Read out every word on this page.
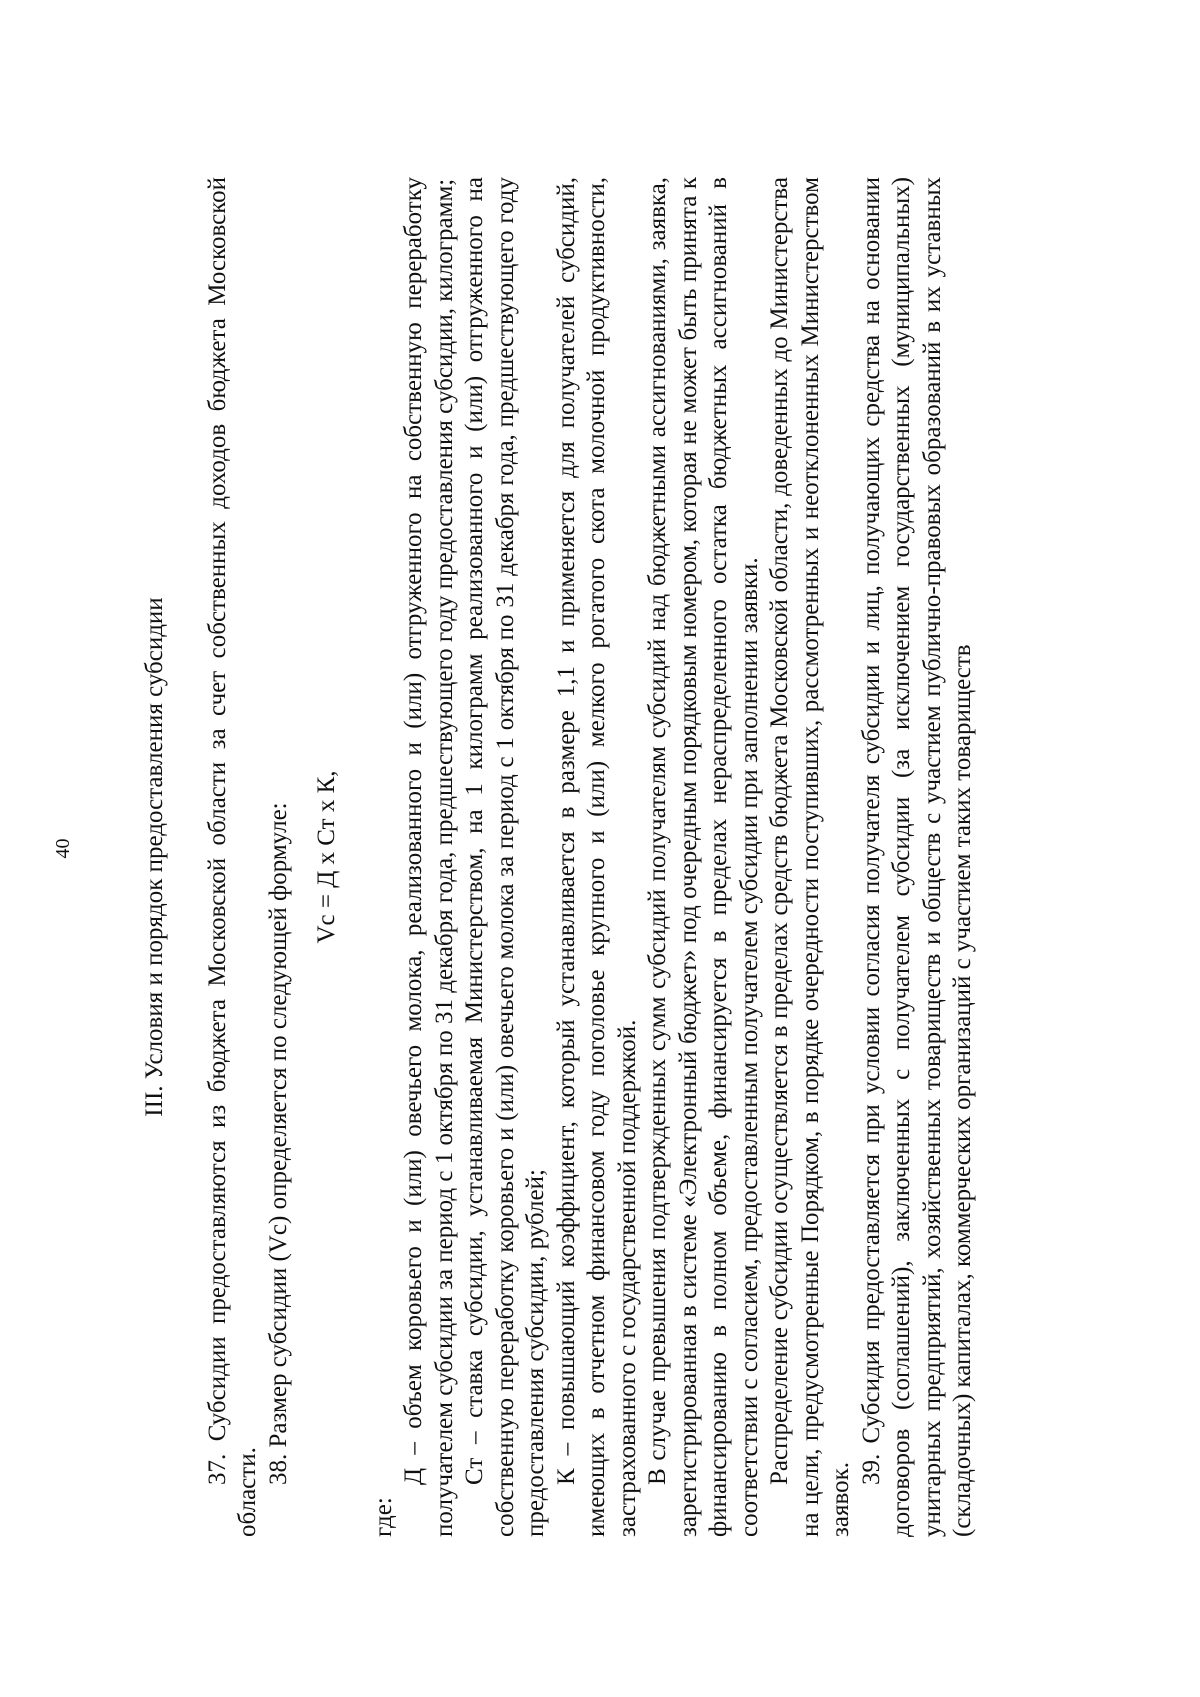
40	III. Условия и порядок предоставления субсидии 37. Субсидии предоставляются из бюджета Московской области за счет собственных доходов бюджета Московской области.

38. Размер субсидии (Vс) определяется по следующей формуле: Vс = Д х Ст х К,

где:

Д – объем коровьего и (или) овечьего молока, реализованного и (или) отгруженного на собственную переработку получателем субсидии за период с 1 октября по 31 декабря года, предшествующего году предоставления субсидии, килограмм; Ст – ставка субсидии, устанавливаемая Министерством, на 1 килограмм реализованного и (или) отгруженного на собственную переработку коровьего и (или) овечьего молока за период с 1 октября по 31 декабря года, предшествующего году предоставления субсидии, рублей; К – повышающий коэффициент, который устанавливается в размере 1,1 и применяется для получателей субсидий, имеющих в отчетном финансовом году поголовье крупного и (или) мелкого рогатого скота молочной продуктивности, застрахованного с государственной поддержкой. В случае превышения подтвержденных сумм субсидий получателям субсидий над бюджетными ассигнованиями, заявка, зарегистрированная в системе «Электронный бюджет» под очередным порядковым номером, которая не может быть принята к финансированию в полном объеме, финансируется в пределах нераспределенного остатка бюджетных ассигнований в соответствии с согласием, предоставленным получателем субсидии при заполнении заявки. Распределение субсидии осуществляется в пределах средств бюджета Московской области, доведенных до Министерства на цели, предусмотренные Порядком, в порядке очередности поступивших, рассмотренных и неотклоненных Министерством заявок.

39. Субсидия предоставляется при условии согласия получателя субсидии и лиц, получающих средства на основании договоров (соглашений), заключенных с получателем субсидии (за исключением государственных (муниципальных) унитарных предприятий, хозяйственных товариществ и обществ с участием публично-правовых образований в их уставных (складочных) капиталах, коммерческих организаций с участием таких товариществ
